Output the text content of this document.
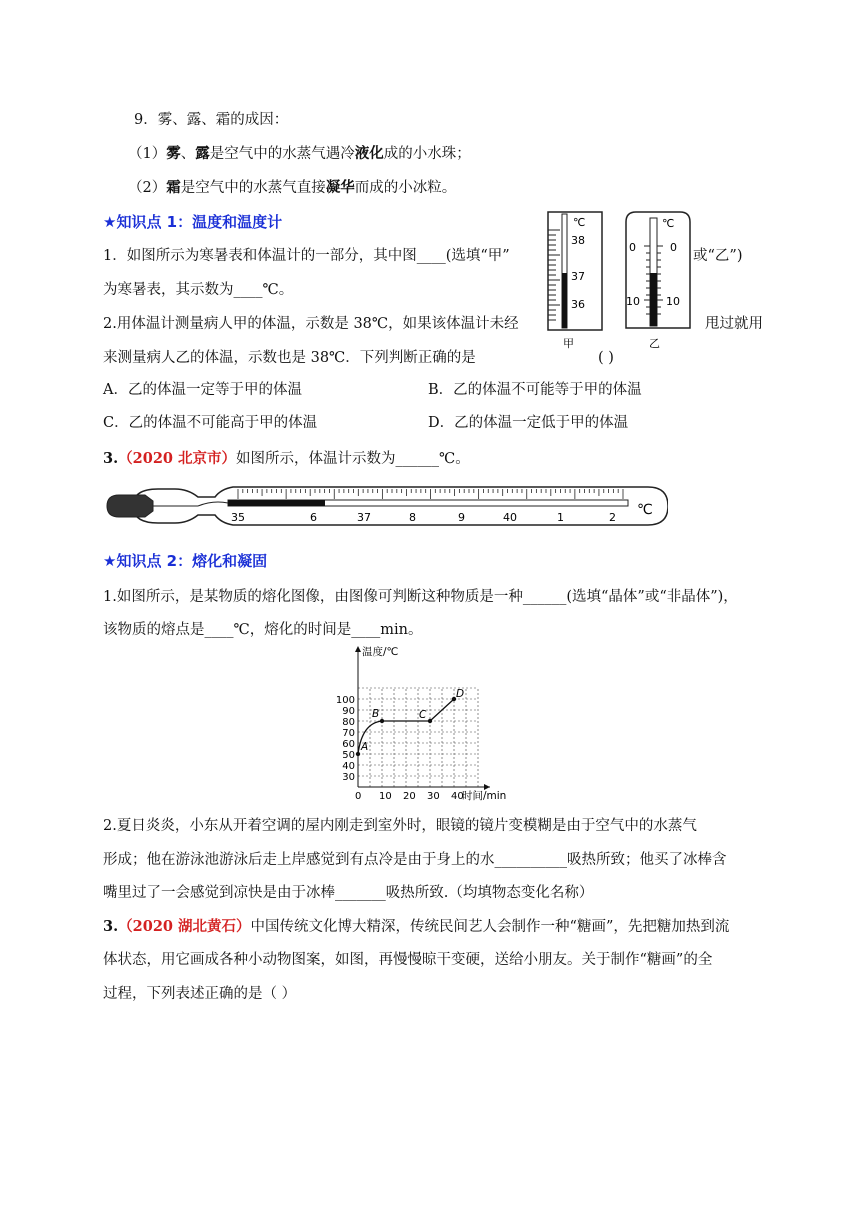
9．雾、露、霜的成因：
（1）雾、露是空气中的水蒸气遇冷液化成的小水珠；
（2）霜是空气中的水蒸气直接凝华而成的小冰粒。
★知识点 1：温度和温度计
1．如图所示为寒暑表和体温计的一部分，其中图____(选填“甲”	或“乙”)
为寒暑表，其示数为____℃。
2.用体温计测量病人甲的体温，示数是 38℃，如果该体温计未经	甩过就用
来测量病人乙的体温，示数也是 38℃．下列判断正确的是	( )
A．乙的体温一定等于甲的体温	B．乙的体温不可能等于甲的体温
C．乙的体温不可能高于甲的体温	D．乙的体温一定低于甲的体温
3.（2020 北京市）如图所示，体温计示数为______℃。
℃
38
37
36
甲
℃
0	0
10 10
乙
35	6	37	8	9	40	1	2 ℃
★知识点 2：熔化和凝固
1.如图所示，是某物质的熔化图像，由图像可判断这种物质是一种______(选填“晶体”或“非晶体”)，
该物质的熔点是____℃，熔化的时间是____min。
0 10 20 30 40
30
40
50
60
70
80
90
100
温度/℃
时间/min
A
B	C
D
2.夏日炎炎，小东从开着空调的屋内刚走到室外时，眼镜的镜片变模糊是由于空气中的水蒸气
形成；他在游泳池游泳后走上岸感觉到有点冷是由于身上的水__________吸热所致；他买了冰棒含
嘴里过了一会感觉到凉快是由于冰棒_______吸热所致.（均填物态变化名称）
3.（2020 湖北黄石）中国传统文化博大精深，传统民间艺人会制作一种“糖画”，先把糖加热到流
体状态，用它画成各种小动物图案，如图，再慢慢晾干变硬，送给小朋友。关于制作“糖画”的全
过程，下列表述正确的是（ ）
